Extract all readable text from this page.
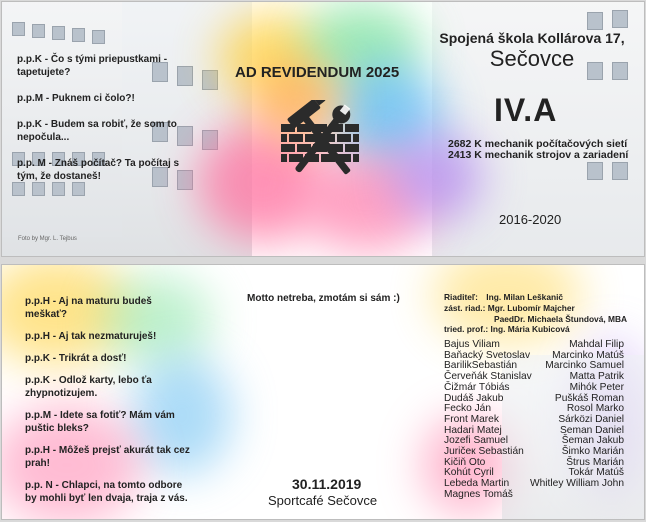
p.p.K - Čo s tými priepustkami - tapetujete?
p.p.M - Puknem ci čolo?!
p.p.K - Budem sa robiť, že som to nepočula...
p.p. M - Znáš počítač? Ta počítaj s tým, že dostaneš!
Foto by Mgr. L. Tejbus
AD REVIDENDUM 2025
Spojená škola Kollárova 17,
Sečovce
IV.A
2682 K mechanik počítačových sietí
2413 K mechanik strojov a zariadení
2016-2020
p.p.H - Aj na maturu budeš meškať?
p.p.H - Aj tak nezmaturuješ!
p.p.K - Trikrát a dosť!
p.p.K - Odlož karty, lebo ťa zhypnotizujem.
p.p.M - Idete sa fotiť? Mám vám puštic bleks?
p.p.H - Môžeš prejsť akurát tak cez prah!
p.p. N - Chlapci, na tomto odbore by mohli byť len dvaja, traja z vás.
Motto netreba, zmotám si sám :)
30.11.2019
Sportcafé Sečovce
Riaditeľ: Ing. Milan Leškanič
zást. riad.: Mgr. Lubomír Majcher
PaedDr. Michaela Štundová, MBA
tried. prof.: Ing. Mária Kubicová
Bajus Viliam
Baňacký Svetoslav
BarilikSebastián
Červeňák Stanislav
Čižmár Tóbiás
Dudáš Jakub
Fecko Ján
Front Marek
Hadari Matej
Jozefi Samuel
Juričeк Sebastián
Kičiň Oto
Kohút Cyril
Lebeda Martin
Magnes Tomáš
Mahdal Filip
Marcinko Matúš
Marcinko Samuel
Matta Patrik
Mihók Peter
Puškáš Roman
Rosol Marko
Sárközi Daniel
Seman Daniel
Šeman Jakub
Šimko Marián
Štrus Marián
Tokár Matúš
Whitley William John
